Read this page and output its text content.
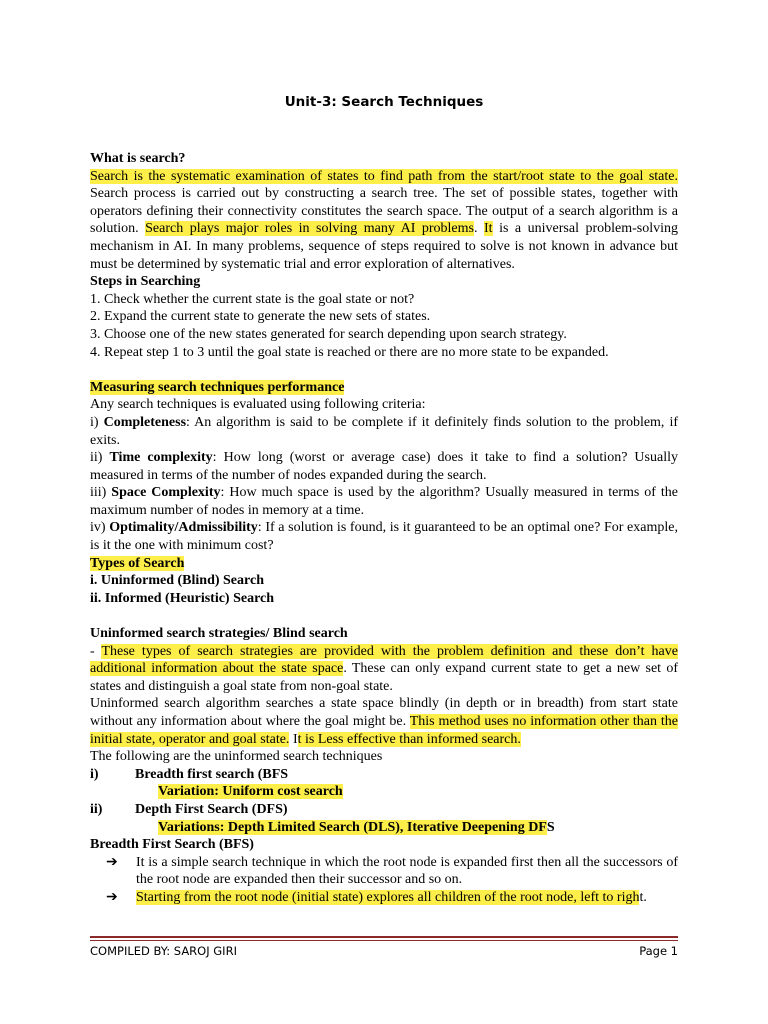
Unit-3: Search Techniques

What is search?

Search is the systematic examination of states to find path from the start/root state to the goal state. Search process is carried out by constructing a search tree. The set of possible states, together with operators defining their connectivity constitutes the search space. The output of a search algorithm is a solution. Search plays major roles in solving many AI problems. It is a universal problem-solving mechanism in AI. In many problems, sequence of steps required to solve is not known in advance but must be determined by systematic trial and error exploration of alternatives.

Steps in Searching

1. Check whether the current state is the goal state or not?

2. Expand the current state to generate the new sets of states.

3. Choose one of the new states generated for search depending upon search strategy.

4. Repeat step 1 to 3 until the goal state is reached or there are no more state to be expanded.

Measuring search techniques performance

Any search techniques is evaluated using following criteria:

i) Completeness: An algorithm is said to be complete if it definitely finds solution to the problem, if exits.

ii) Time complexity: How long (worst or average case) does it take to find a solution? Usually measured in terms of the number of nodes expanded during the search.

iii) Space Complexity: How much space is used by the algorithm? Usually measured in terms of the maximum number of nodes in memory at a time.

iv) Optimality/Admissibility: If a solution is found, is it guaranteed to be an optimal one? For example, is it the one with minimum cost?

Types of Search

i. Uninformed (Blind) Search

ii. Informed (Heuristic) Search

Uninformed search strategies/ Blind search

- These types of search strategies are provided with the problem definition and these don’t have additional information about the state space. These can only expand current state to get a new set of states and distinguish a goal state from non-goal state.

Uninformed search algorithm searches a state space blindly (in depth or in breadth) from start state without any information about where the goal might be. This method uses no information other than the initial state, operator and goal state. It is Less effective than informed search.

The following are the uninformed search techniques

i)	Breadth first search (BFS

Variation: Uniform cost search

ii)	Depth First Search (DFS)

Variations: Depth Limited Search (DLS), Iterative Deepening DFS

Breadth First Search (BFS)

➔	It is a simple search technique in which the root node is expanded first then all the successors of the root node are expanded then their successor and so on.
➔	Starting from the root node (initial state) explores all children of the root node, left to right.
COMPILED BY: SAROJ GIRI	Page 1
